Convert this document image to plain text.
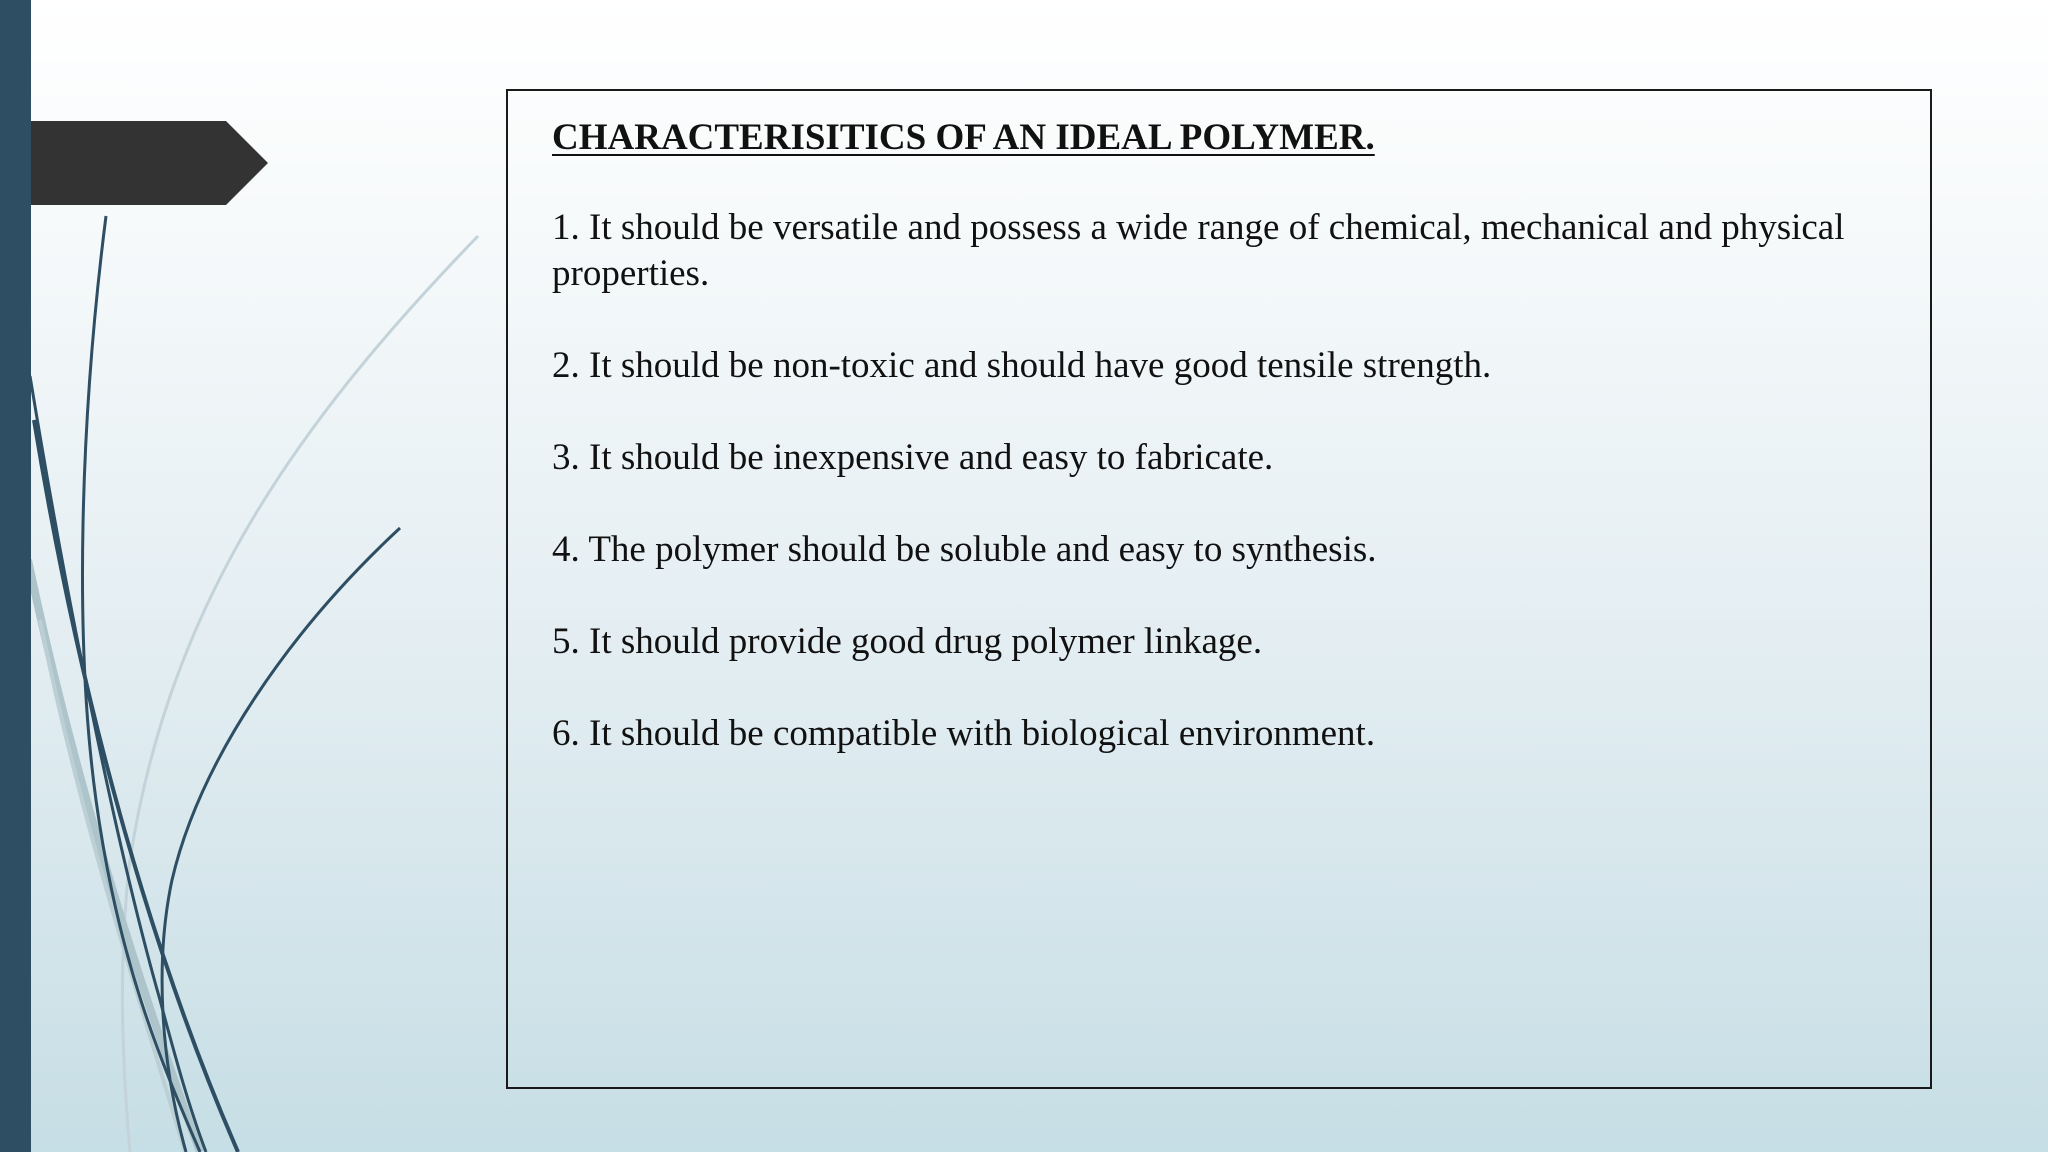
CHARACTERISITICS OF AN IDEAL POLYMER.
1. It should be versatile and possess a wide range of chemical, mechanical and physical properties.
2. It should be non-toxic and should have good tensile strength.
3. It should be inexpensive and easy to fabricate.
4. The polymer should be soluble and easy to synthesis.
5. It should provide good drug polymer linkage.
6. It should be compatible with biological environment.
